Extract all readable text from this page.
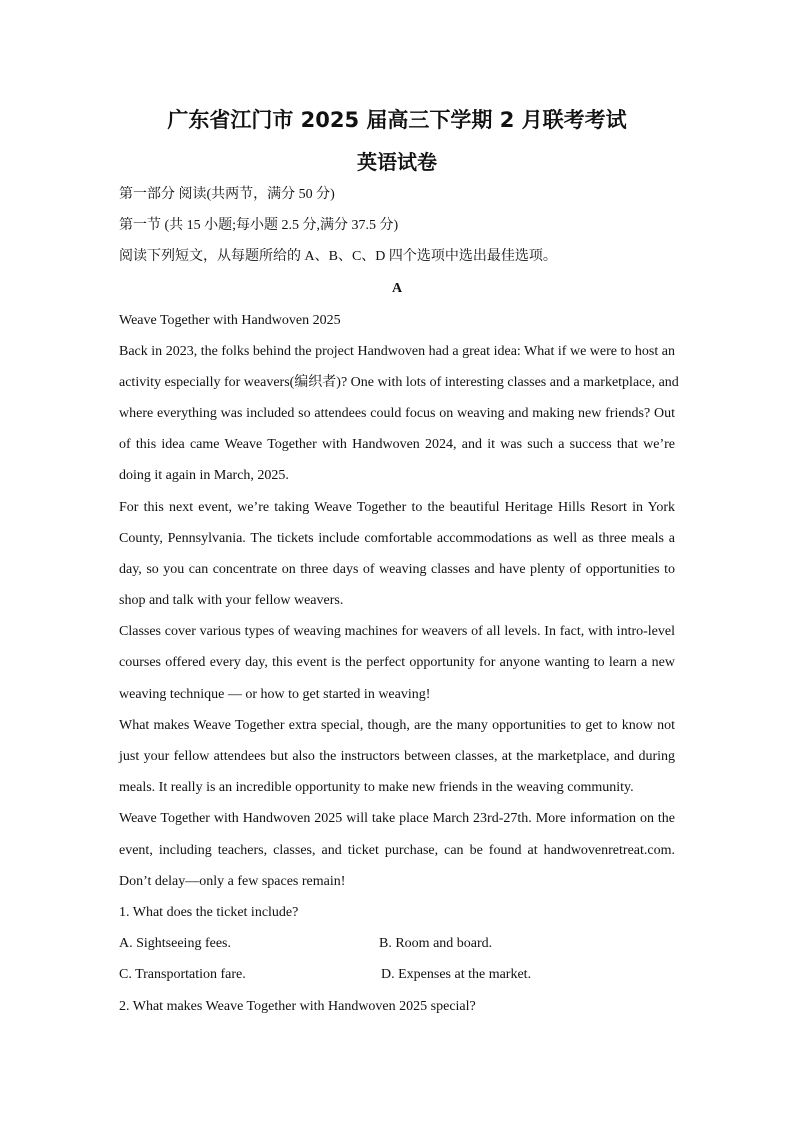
广东省江门市 2025 届高三下学期 2 月联考考试
英语试卷
第一部分 阅读(共两节，满分 50 分)
第一节 (共 15 小题;每小题 2.5 分,满分 37.5 分)
阅读下列短文，从每题所给的 A、B、C、D 四个选项中选出最佳选项。
A
Weave Together with Handwoven 2025
Back in 2023, the folks behind the project Handwoven had a great idea: What if we were to host an
activity especially for weavers(编织者)? One with lots of interesting classes and a marketplace, and
where everything was included so attendees could focus on weaving and making new friends? Out
of this idea came Weave Together with Handwoven 2024, and it was such a success that we’re
doing it again in March, 2025.
For this next event, we’re taking Weave Together to the beautiful Heritage Hills Resort in York
County, Pennsylvania. The tickets include comfortable accommodations as well as three meals a
day, so you can concentrate on three days of weaving classes and have plenty of opportunities to
shop and talk with your fellow weavers.
Classes cover various types of weaving machines for weavers of all levels. In fact, with intro-level
courses offered every day, this event is the perfect opportunity for anyone wanting to learn a new
weaving technique — or how to get started in weaving!
What makes Weave Together extra special, though, are the many opportunities to get to know not
just your fellow attendees but also the instructors between classes, at the marketplace, and during
meals. It really is an incredible opportunity to make new friends in the weaving community.
Weave Together with Handwoven 2025 will take place March 23rd-27th. More information on the
event, including teachers, classes, and ticket purchase, can be found at handwovenretreat.com.
Don’t delay—only a few spaces remain!
1. What does the ticket include?
A. Sightseeing fees.	B. Room and board.
C. Transportation fare.	D. Expenses at the market.
2. What makes Weave Together with Handwoven 2025 special?
